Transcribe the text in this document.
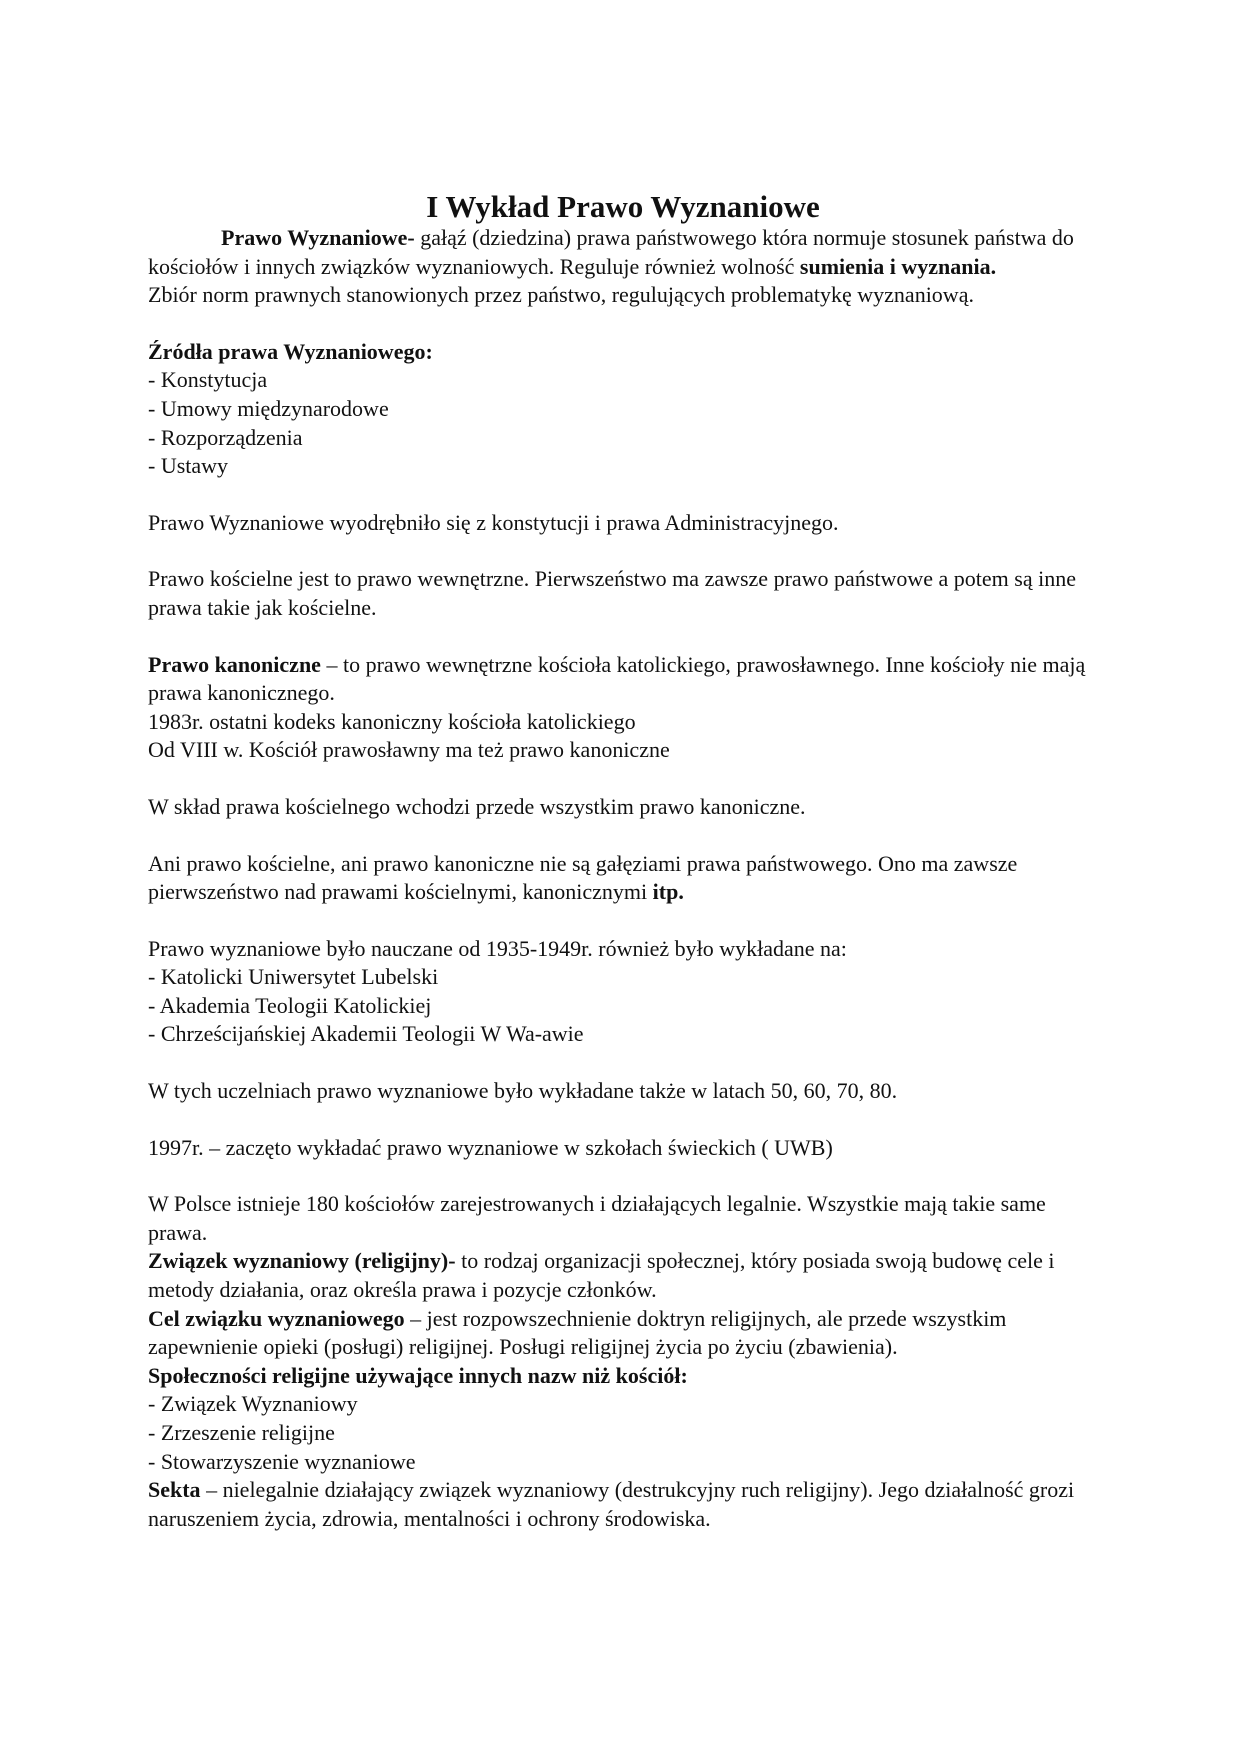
I Wykład Prawo Wyznaniowe

Prawo Wyznaniowe- gałąź (dziedzina) prawa państwowego która normuje stosunek państwa do kościołów i innych związków wyznaniowych. Reguluje również wolność sumienia i wyznania.

Zbiór norm prawnych stanowionych przez państwo, regulujących problematykę wyznaniową.

Źródła prawa Wyznaniowego:

- Konstytucja

- Umowy międzynarodowe

- Rozporządzenia

- Ustawy

Prawo Wyznaniowe wyodrębniło się z konstytucji i prawa Administracyjnego.

Prawo kościelne jest to prawo wewnętrzne. Pierwszeństwo ma zawsze prawo państwowe a potem są inne prawa takie jak kościelne.

Prawo kanoniczne – to prawo wewnętrzne kościoła katolickiego, prawosławnego. Inne kościoły nie mają prawa kanonicznego.

1983r. ostatni kodeks kanoniczny kościoła katolickiego

Od VIII w. Kościół prawosławny ma też prawo kanoniczne

W skład prawa kościelnego wchodzi przede wszystkim prawo kanoniczne.

Ani prawo kościelne, ani prawo kanoniczne nie są gałęziami prawa państwowego. Ono ma zawsze pierwszeństwo nad prawami kościelnymi, kanonicznymi itp.

Prawo wyznaniowe było nauczane od 1935-1949r. również było wykładane na:

- Katolicki Uniwersytet Lubelski

- Akademia Teologii Katolickiej

- Chrześcijańskiej Akademii Teologii W Wa-awie

W tych uczelniach prawo wyznaniowe było wykładane także w latach 50, 60, 70, 80.

1997r. – zaczęto wykładać prawo wyznaniowe w szkołach świeckich ( UWB)

W Polsce istnieje 180 kościołów zarejestrowanych i działających legalnie. Wszystkie mają takie same prawa.

Związek wyznaniowy (religijny)- to rodzaj organizacji społecznej, który posiada swoją budowę cele i metody działania, oraz określa prawa i pozycje członków.

Cel związku wyznaniowego – jest rozpowszechnienie doktryn religijnych, ale przede wszystkim zapewnienie opieki (posługi) religijnej. Posługi religijnej życia po życiu (zbawienia).

Społeczności religijne używające innych nazw niż kościół:

- Związek Wyznaniowy

- Zrzeszenie religijne

- Stowarzyszenie wyznaniowe

Sekta – nielegalnie działający związek wyznaniowy (destrukcyjny ruch religijny). Jego działalność grozi naruszeniem życia, zdrowia, mentalności i ochrony środowiska.
